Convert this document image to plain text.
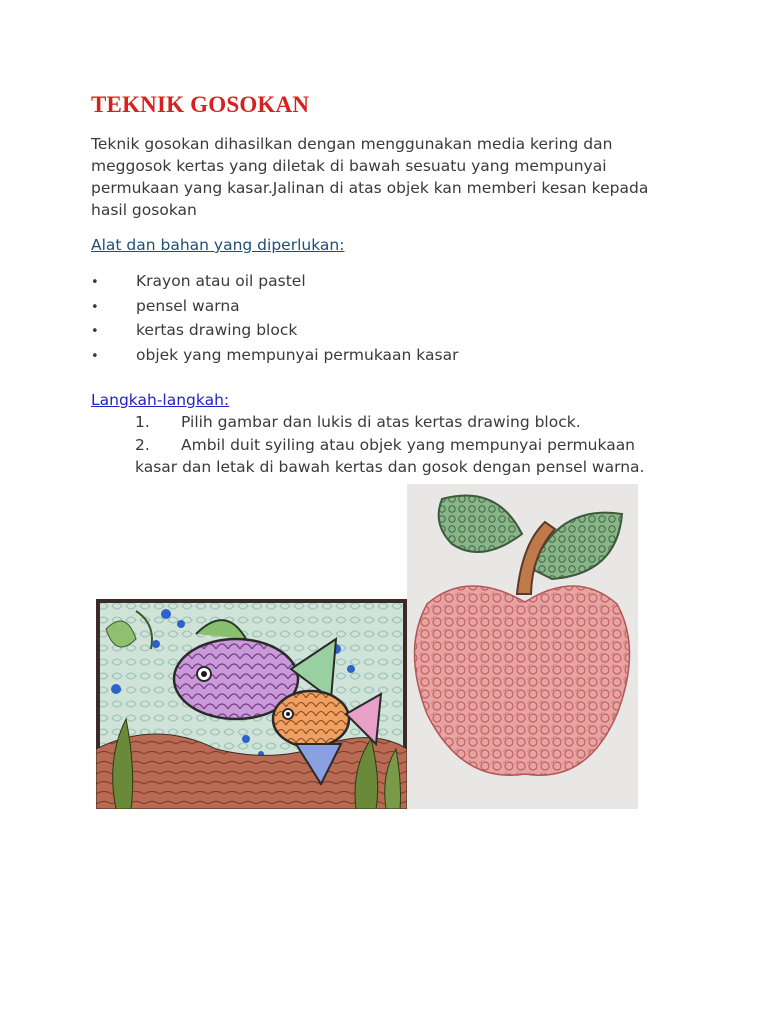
TEKNIK GOSOKAN
Teknik gosokan dihasilkan dengan menggunakan media kering dan
meggosok kertas yang diletak di bawah sesuatu yang mempunyai
permukaan yang kasar.Jalinan di atas objek kan memberi kesan kepada
hasil gosokan
Alat dan bahan yang diperlukan:
• Krayon atau oil pastel
• pensel warna
• kertas drawing block
• objek yang mempunyai permukaan kasar
Langkah-langkah:
1. Pilih gambar dan lukis di atas kertas drawing block.
2. Ambil duit syiling atau objek yang mempunyai permukaan
kasar dan letak di bawah kertas dan gosok dengan pensel warna.
